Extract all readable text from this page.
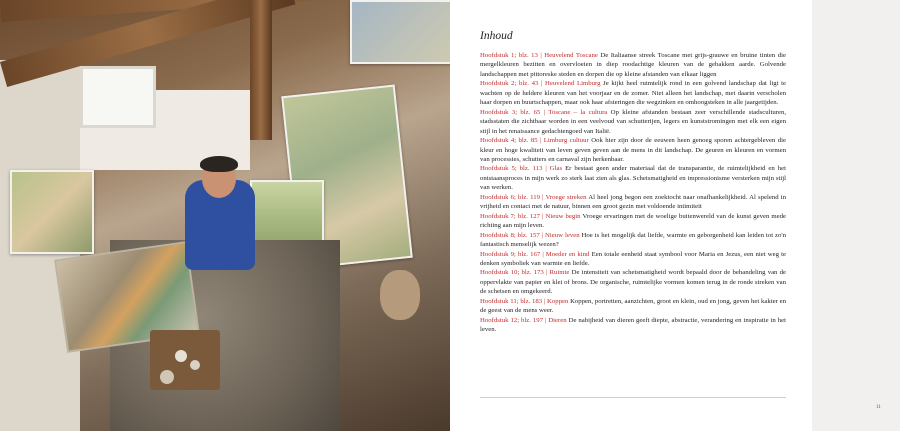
Inhoud

Hoofdstuk 1; blz. 13 | Heuvelend Toscane De Italiaanse streek Toscane met grijs-grauwe en bruine tinten die mergelkleuren bezitten en overvloeien in diep roodachtige kleuren van de gebakken aarde. Golvende landschappen met pittoreske steden en dorpen die op kleine afstanden van elkaar liggen

Hoofdstuk 2; blz. 43 | Heuvelend Limburg Je kijkt heel ruimtelijk rond in een golvend landschap dat ligt te wachten op de heldere kleuren van het voorjaar en de zomer. Niet alleen het landschap, met daarin verscholen haar dorpen en buurtschappen, maar ook haar afsteringen die wegzinken en omhoogsteken in alle jaargetijden.

Hoofdstuk 3; blz. 65 | Toscane – la cultura Op kleine afstanden bestaan zeer verschillende stadsculturen, stadsstaten die zichtbaar worden in een veelvoud van schutterijen, legers en kunststromingen met elk een eigen stijl in het renaissance gedachtengoed van Italië.

Hoofdstuk 4; blz. 85 | Limburg cultuur Ook hier zijn door de eeuwen heen genoeg sporen achtergebleven die kleur en hoge kwaliteit van leven geven geven aan de mens in dit landschap. De geuren en kleuren en vormen van processies, schutters en carnaval zijn herkenbaar.

Hoofdstuk 5; blz. 113 | Glas Er bestaat geen ander materiaal dat de transparantie, de ruimtelijkheid en het ontstaansproces in mijn werk zo sterk laat zien als glas. Schetsmatigheid en impressionisme versterken mijn stijl van werken.

Hoofdstuk 6; blz. 119 | Vroege streken Al heel jong begon een zoektocht naar onafhankelijkheid. Al spelend in vrijheid en contact met de natuur, binnen een groot gezin met voldoende intimiteit

Hoofdstuk 7; blz. 127 | Nieuw begin Vroege ervaringen met de woelige buitenwereld van de kunst geven mede richting aan mijn leven.

Hoofdstuk 8; blz. 157 | Nieuw leven Hoe is het mogelijk dat liefde, warmte en geborgenheid kan leiden tot zo'n fantastisch menselijk wezen?

Hoofdstuk 9; blz. 167 | Moeder en kind Een totale eenheid staat symbool voor Maria en Jezus, een niet weg te denken symboliek van warmte en liefde.

Hoofdstuk 10; blz. 173 | Ruimte De intensiteit van schetsmatigheid wordt bepaald door de behandeling van de oppervlakte van papier en klei of brons. De organische, ruimtelijke vormen komen terug in de ronde streken van de schetsen en omgekeerd.

Hoofdstuk 11; blz. 183 | Koppen Koppen, portretten, aanzichten, groot en klein, oud en jong, geven het kakter en de geest van de mens weer.

Hoofdstuk 12; blz. 197 | Dieren De nabijheid van dieren geeft diepte, abstractie, verandering en inspiratie in het leven.

11
